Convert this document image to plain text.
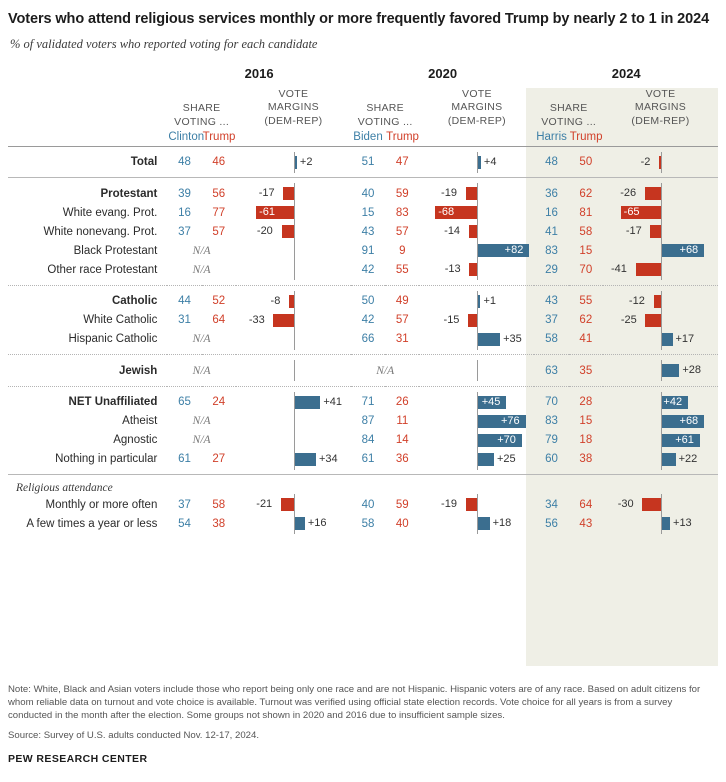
Voters who attend religious services monthly or more frequently favored Trump by nearly 2 to 1 in 2024
% of validated voters who reported voting for each candidate
	2016			2020			2024		
	SHARE
VOTING ...		VOTE
MARGINS
(DEM-REP)	SHARE
VOTING ...		VOTE
MARGINS
(DEM-REP)	SHARE
VOTING ...		VOTE
MARGINS
(DEM-REP)
	Clinton	Trump		Biden	Trump		Harris	Trump	

Total	48	46	+2	51	47	+4	48	50	-2

Protestant	39	56	-17	40	59	-19	36	62	-26

White evang. Prot.	16	77	-61	15	83	-68	16	81	-65

White nonevang. Prot.	37	57	-20	43	57	-14	41	58	-17

Black Protestant	N/A			91	9	+82	83	15	+68

Other race Protestant	N/A			42	55	-13	29	70	-41

Catholic	44	52	-8	50	49	+1	43	55	-12

White Catholic	31	64	-33	42	57	-15	37	62	-25

Hispanic Catholic	N/A			66	31	+35	58	41	+17

Jewish	N/A			N/A			63	35	+28

NET Unaffiliated	65	24	+41	71	26	+45	70	28	+42

Atheist	N/A			87	11	+76	83	15	+68

Agnostic	N/A			84	14	+70	79	18	+61

Nothing in particular	61	27	+34	61	36	+25	60	38	+22

Religious attendance									
Monthly or more often	37	58	-21	40	59	-19	34	64	-30

A few times a year or less	54	38	+16	58	40	+18	56	43	+13

Note: White, Black and Asian voters include those who report being only one race and are not Hispanic. Hispanic voters are of any race. Based on adult citizens for whom reliable data on turnout and vote choice is available. Turnout was verified using official state election records. Vote choice for all years is from a survey conducted in the month after the election. Some groups not shown in 2020 and 2016 due to insufficient sample sizes.

Source: Survey of U.S. adults conducted Nov. 12-17, 2024.

PEW RESEARCH CENTER
